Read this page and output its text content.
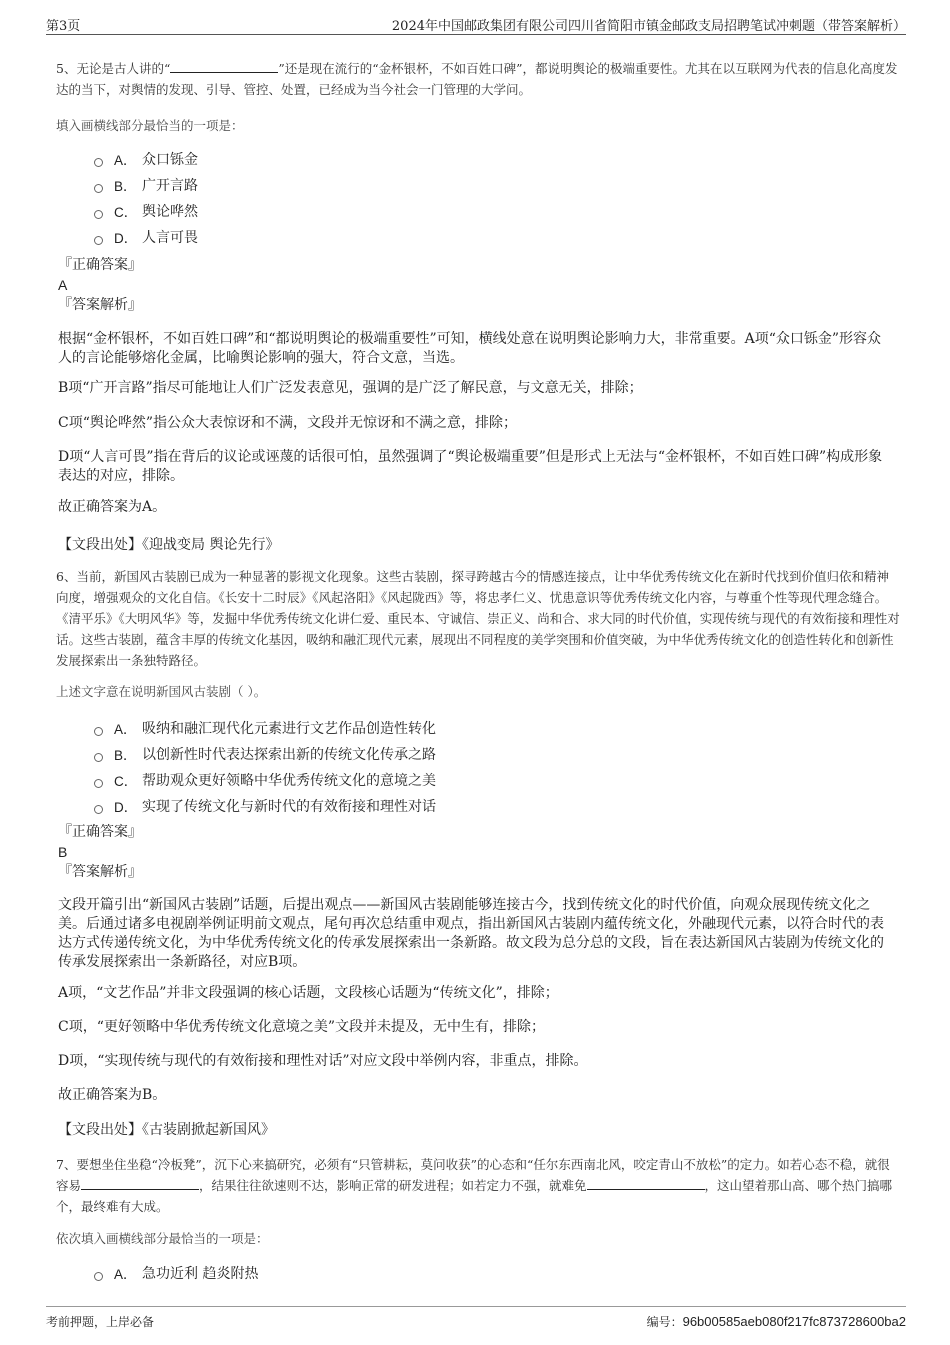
第3页	2024年中国邮政集团有限公司四川省简阳市镇金邮政支局招聘笔试冲刺题（带答案解析）
5、无论是古人讲的“	”还是现在流行的“金杯银杯，不如百姓口碑”，都说明舆论的极端重要性。尤其在以互联网为代表的信息化高度发达的当下，对舆情的发现、引导、管控、处置，已经成为当今社会一门管理的大学问。
填入画横线部分最恰当的一项是：
A． 众口铄金
B． 广开言路
C． 舆论哗然
D． 人言可畏
『正确答案』
A
『答案解析』
根据“金杯银杯，不如百姓口碑”和“都说明舆论的极端重要性”可知，横线处意在说明舆论影响力大，非常重要。A项“众口铄金”形容众人的言论能够熔化金属，比喻舆论影响的强大，符合文意，当选。
B项“广开言路”指尽可能地让人们广泛发表意见，强调的是广泛了解民意，与文意无关，排除；
C项“舆论哗然”指公众大表惊讶和不满，文段并无惊讶和不满之意，排除；
D项“人言可畏”指在背后的议论或诬蔑的话很可怕，虽然强调了“舆论极端重要”但是形式上无法与“金杯银杯，不如百姓口碑”构成形象表达的对应，排除。
故正确答案为A。
【文段出处】《迎战变局 舆论先行》
6、当前，新国风古装剧已成为一种显著的影视文化现象。这些古装剧，探寻跨越古今的情感连接点，让中华优秀传统文化在新时代找到价值归依和精神向度，增强观众的文化自信。《长安十二时辰》《风起洛阳》《风起陇西》等，将忠孝仁义、忧患意识等优秀传统文化内容，与尊重个性等现代理念缝合。《清平乐》《大明风华》等，发掘中华优秀传统文化讲仁爱、重民本、守诚信、崇正义、尚和合、求大同的时代价值，实现传统与现代的有效衔接和理性对话。这些古装剧，蕴含丰厚的传统文化基因，吸纳和融汇现代元素，展现出不同程度的美学突围和价值突破，为中华优秀传统文化的创造性转化和创新性发展探索出一条独特路径。
上述文字意在说明新国风古装剧（ ）。
A． 吸纳和融汇现代化元素进行文艺作品创造性转化
B． 以创新性时代表达探索出新的传统文化传承之路
C． 帮助观众更好领略中华优秀传统文化的意境之美
D． 实现了传统文化与新时代的有效衔接和理性对话
『正确答案』
B
『答案解析』
文段开篇引出“新国风古装剧”话题，后提出观点——新国风古装剧能够连接古今，找到传统文化的时代价值，向观众展现传统文化之美。后通过诸多电视剧举例证明前文观点，尾句再次总结重申观点，指出新国风古装剧内蕴传统文化，外融现代元素，以符合时代的表达方式传递传统文化，为中华优秀传统文化的传承发展探索出一条新路。故文段为总分总的文段，旨在表达新国风古装剧为传统文化的传承发展探索出一条新路径，对应B项。
A项，“文艺作品”并非文段强调的核心话题，文段核心话题为“传统文化”，排除；
C项，“更好领略中华优秀传统文化意境之美”文段并未提及，无中生有，排除；
D项，“实现传统与现代的有效衔接和理性对话”对应文段中举例内容，非重点，排除。
故正确答案为B。
【文段出处】《古装剧掀起新国风》
7、要想坐住坐稳“冷板凳”，沉下心来搞研究，必须有“只管耕耘，莫问收获”的心态和“任尔东西南北风，咬定青山不放松”的定力。如若心态不稳，就很容易	，结果往往欲速则不达，影响正常的研发进程；如若定力不强，就难免	，这山望着那山高、哪个热门搞哪个，最终难有大成。
依次填入画横线部分最恰当的一项是：
A． 急功近利 趋炎附热
考前押题，上岸必备	编号：96b00585aeb080f217fc873728600ba2
